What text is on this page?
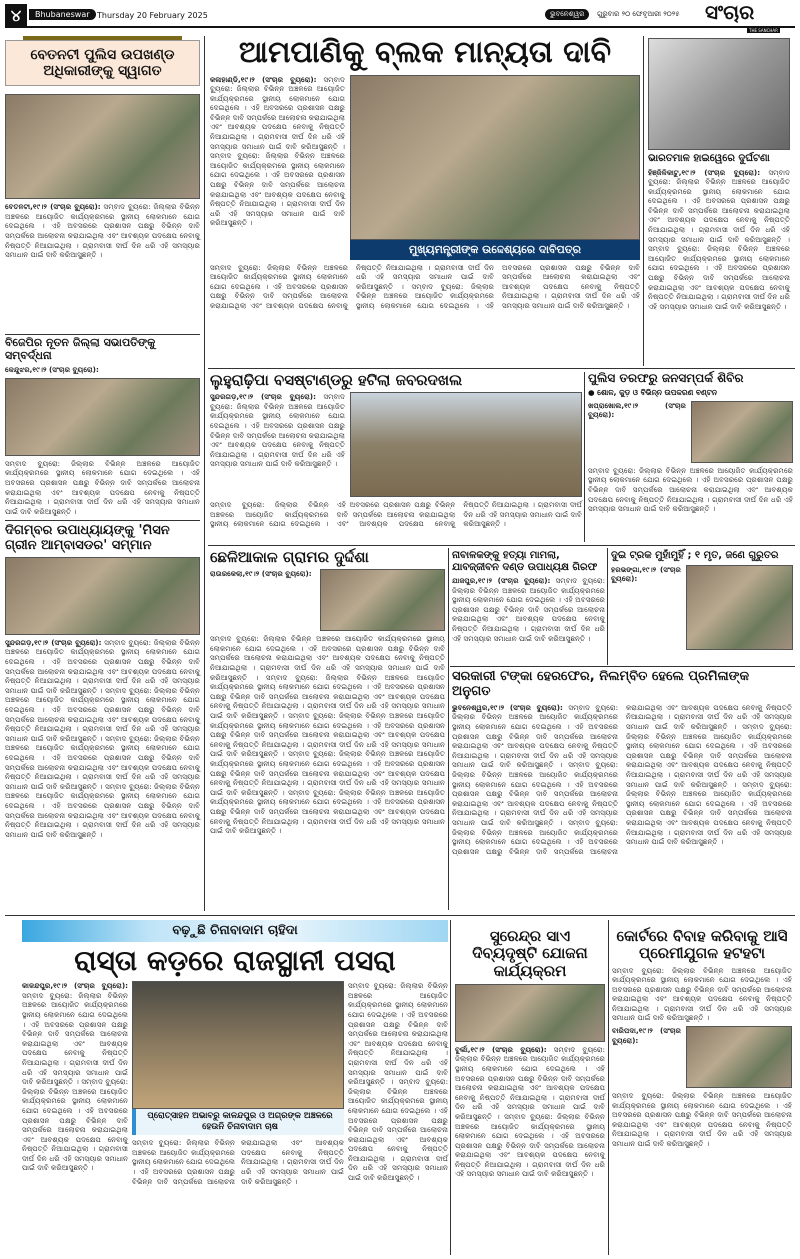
୪	Bhubaneswar Thursday 20 February 2025	ଭୁବନେଶ୍ୱର	ଗୁରୁବାର ୨୦ ଫେବୃଆରୀ ୨୦୨୫ ସଂଚାର
THE SANCHAR
ବେତନଟୀ ପୁଲିସ ଉପଖଣ୍ଡ ଅଧିକାରୀଙ୍କୁ ସ୍ୱାଗତ
ବେତନଟୀ,୧୯।୨ (ସଂଚାର ବ୍ୟୁରୋ): ସମ୍ବାଦ ବ୍ୟୁରୋ: ଜିଲ୍ଲାର ବିଭିନ୍ନ ଅଞ୍ଚଳରେ ଆୟୋଜିତ କାର୍ଯ୍ୟକ୍ରମରେ ସ୍ଥାନୀୟ ଲୋକମାନେ ଯୋଗ ଦେଇଥିଲେ । ଏହି ଅବସରରେ ପ୍ରଶାସନ ପକ୍ଷରୁ ବିଭିନ୍ନ ଦାବି ସମ୍ପର୍କରେ ଆଲୋଚନା କରାଯାଇଥିଲା ଏବଂ ଆବଶ୍ୟକ ପଦକ୍ଷେପ ନେବାକୁ ନିଷ୍ପତ୍ତି ନିଆଯାଇଥିଲା । ଗ୍ରାମବାସୀ ଦୀର୍ଘ ଦିନ ଧରି ଏହି ସମସ୍ୟାର ସମାଧାନ ପାଇଁ ଦାବି କରିଆସୁଛନ୍ତି ।
ବିଜେପିର ନୂତନ ଜିଲ୍ଲା ସଭାପତିଙ୍କୁ ସମ୍ବର୍ଦ୍ଧନା
କେନ୍ଦୁଝର,୧୯।୨ (ସଂଚାର ବ୍ୟୁରୋ):
ସମ୍ବାଦ ବ୍ୟୁରୋ: ଜିଲ୍ଲାର ବିଭିନ୍ନ ଅଞ୍ଚଳରେ ଆୟୋଜିତ କାର୍ଯ୍ୟକ୍ରମରେ ସ୍ଥାନୀୟ ଲୋକମାନେ ଯୋଗ ଦେଇଥିଲେ । ଏହି ଅବସରରେ ପ୍ରଶାସନ ପକ୍ଷରୁ ବିଭିନ୍ନ ଦାବି ସମ୍ପର୍କରେ ଆଲୋଚନା କରାଯାଇଥିଲା ଏବଂ ଆବଶ୍ୟକ ପଦକ୍ଷେପ ନେବାକୁ ନିଷ୍ପତ୍ତି ନିଆଯାଇଥିଲା । ଗ୍ରାମବାସୀ ଦୀର୍ଘ ଦିନ ଧରି ଏହି ସମସ୍ୟାର ସମାଧାନ ପାଇଁ ଦାବି କରିଆସୁଛନ୍ତି ।
ଦିଗମ୍ବର ଉପାଧ୍ୟାୟଙ୍କୁ 'ମିସନ ଗ୍ରୀନ ଆମ୍ବାସଡର' ସମ୍ମାନ
ସୁନ୍ଦରଗଡ଼,୧୯।୨ (ସଂଚାର ବ୍ୟୁରୋ): ସମ୍ବାଦ ବ୍ୟୁରୋ: ଜିଲ୍ଲାର ବିଭିନ୍ନ ଅଞ୍ଚଳରେ ଆୟୋଜିତ କାର୍ଯ୍ୟକ୍ରମରେ ସ୍ଥାନୀୟ ଲୋକମାନେ ଯୋଗ ଦେଇଥିଲେ । ଏହି ଅବସରରେ ପ୍ରଶାସନ ପକ୍ଷରୁ ବିଭିନ୍ନ ଦାବି ସମ୍ପର୍କରେ ଆଲୋଚନା କରାଯାଇଥିଲା ଏବଂ ଆବଶ୍ୟକ ପଦକ୍ଷେପ ନେବାକୁ ନିଷ୍ପତ୍ତି ନିଆଯାଇଥିଲା । ଗ୍ରାମବାସୀ ଦୀର୍ଘ ଦିନ ଧରି ଏହି ସମସ୍ୟାର ସମାଧାନ ପାଇଁ ଦାବି କରିଆସୁଛନ୍ତି । ସମ୍ବାଦ ବ୍ୟୁରୋ: ଜିଲ୍ଲାର ବିଭିନ୍ନ ଅଞ୍ଚଳରେ ଆୟୋଜିତ କାର୍ଯ୍ୟକ୍ରମରେ ସ୍ଥାନୀୟ ଲୋକମାନେ ଯୋଗ ଦେଇଥିଲେ । ଏହି ଅବସରରେ ପ୍ରଶାସନ ପକ୍ଷରୁ ବିଭିନ୍ନ ଦାବି ସମ୍ପର୍କରେ ଆଲୋଚନା କରାଯାଇଥିଲା ଏବଂ ଆବଶ୍ୟକ ପଦକ୍ଷେପ ନେବାକୁ ନିଷ୍ପତ୍ତି ନିଆଯାଇଥିଲା । ଗ୍ରାମବାସୀ ଦୀର୍ଘ ଦିନ ଧରି ଏହି ସମସ୍ୟାର ସମାଧାନ ପାଇଁ ଦାବି କରିଆସୁଛନ୍ତି । ସମ୍ବାଦ ବ୍ୟୁରୋ: ଜିଲ୍ଲାର ବିଭିନ୍ନ ଅଞ୍ଚଳରେ ଆୟୋଜିତ କାର୍ଯ୍ୟକ୍ରମରେ ସ୍ଥାନୀୟ ଲୋକମାନେ ଯୋଗ ଦେଇଥିଲେ । ଏହି ଅବସରରେ ପ୍ରଶାସନ ପକ୍ଷରୁ ବିଭିନ୍ନ ଦାବି ସମ୍ପର୍କରେ ଆଲୋଚନା କରାଯାଇଥିଲା ଏବଂ ଆବଶ୍ୟକ ପଦକ୍ଷେପ ନେବାକୁ ନିଷ୍ପତ୍ତି ନିଆଯାଇଥିଲା । ଗ୍ରାମବାସୀ ଦୀର୍ଘ ଦିନ ଧରି ଏହି ସମସ୍ୟାର ସମାଧାନ ପାଇଁ ଦାବି କରିଆସୁଛନ୍ତି । ସମ୍ବାଦ ବ୍ୟୁରୋ: ଜିଲ୍ଲାର ବିଭିନ୍ନ ଅଞ୍ଚଳରେ ଆୟୋଜିତ କାର୍ଯ୍ୟକ୍ରମରେ ସ୍ଥାନୀୟ ଲୋକମାନେ ଯୋଗ ଦେଇଥିଲେ । ଏହି ଅବସରରେ ପ୍ରଶାସନ ପକ୍ଷରୁ ବିଭିନ୍ନ ଦାବି ସମ୍ପର୍କରେ ଆଲୋଚନା କରାଯାଇଥିଲା ଏବଂ ଆବଶ୍ୟକ ପଦକ୍ଷେପ ନେବାକୁ ନିଷ୍ପତ୍ତି ନିଆଯାଇଥିଲା । ଗ୍ରାମବାସୀ ଦୀର୍ଘ ଦିନ ଧରି ଏହି ସମସ୍ୟାର ସମାଧାନ ପାଇଁ ଦାବି କରିଆସୁଛନ୍ତି ।
ଆମପାଣିକୁ ବ୍ଲକ ମାନ୍ୟତା ଦାବି
କଳାହାଣ୍ଡି,୧୯।୨ (ସଂଚାର ବ୍ୟୁରୋ): ସମ୍ବାଦ ବ୍ୟୁରୋ: ଜିଲ୍ଲାର ବିଭିନ୍ନ ଅଞ୍ଚଳରେ ଆୟୋଜିତ କାର୍ଯ୍ୟକ୍ରମରେ ସ୍ଥାନୀୟ ଲୋକମାନେ ଯୋଗ ଦେଇଥିଲେ । ଏହି ଅବସରରେ ପ୍ରଶାସନ ପକ୍ଷରୁ ବିଭିନ୍ନ ଦାବି ସମ୍ପର୍କରେ ଆଲୋଚନା କରାଯାଇଥିଲା ଏବଂ ଆବଶ୍ୟକ ପଦକ୍ଷେପ ନେବାକୁ ନିଷ୍ପତ୍ତି ନିଆଯାଇଥିଲା । ଗ୍ରାମବାସୀ ଦୀର୍ଘ ଦିନ ଧରି ଏହି ସମସ୍ୟାର ସମାଧାନ ପାଇଁ ଦାବି କରିଆସୁଛନ୍ତି । ସମ୍ବାଦ ବ୍ୟୁରୋ: ଜିଲ୍ଲାର ବିଭିନ୍ନ ଅଞ୍ଚଳରେ ଆୟୋଜିତ କାର୍ଯ୍ୟକ୍ରମରେ ସ୍ଥାନୀୟ ଲୋକମାନେ ଯୋଗ ଦେଇଥିଲେ । ଏହି ଅବସରରେ ପ୍ରଶାସନ ପକ୍ଷରୁ ବିଭିନ୍ନ ଦାବି ସମ୍ପର୍କରେ ଆଲୋଚନା କରାଯାଇଥିଲା ଏବଂ ଆବଶ୍ୟକ ପଦକ୍ଷେପ ନେବାକୁ ନିଷ୍ପତ୍ତି ନିଆଯାଇଥିଲା । ଗ୍ରାମବାସୀ ଦୀର୍ଘ ଦିନ ଧରି ଏହି ସମସ୍ୟାର ସମାଧାନ ପାଇଁ ଦାବି କରିଆସୁଛନ୍ତି ।
ମୁଖ୍ୟମନ୍ତ୍ରୀଙ୍କ ଉଦ୍ଦେଶ୍ୟରେ ଦାବିପତ୍ର
ସମ୍ବାଦ ବ୍ୟୁରୋ: ଜିଲ୍ଲାର ବିଭିନ୍ନ ଅଞ୍ଚଳରେ ଆୟୋଜିତ କାର୍ଯ୍ୟକ୍ରମରେ ସ୍ଥାନୀୟ ଲୋକମାନେ ଯୋଗ ଦେଇଥିଲେ । ଏହି ଅବସରରେ ପ୍ରଶାସନ ପକ୍ଷରୁ ବିଭିନ୍ନ ଦାବି ସମ୍ପର୍କରେ ଆଲୋଚନା କରାଯାଇଥିଲା ଏବଂ ଆବଶ୍ୟକ ପଦକ୍ଷେପ ନେବାକୁ ନିଷ୍ପତ୍ତି ନିଆଯାଇଥିଲା । ଗ୍ରାମବାସୀ ଦୀର୍ଘ ଦିନ ଧରି ଏହି ସମସ୍ୟାର ସମାଧାନ ପାଇଁ ଦାବି କରିଆସୁଛନ୍ତି । ସମ୍ବାଦ ବ୍ୟୁରୋ: ଜିଲ୍ଲାର ବିଭିନ୍ନ ଅଞ୍ଚଳରେ ଆୟୋଜିତ କାର୍ଯ୍ୟକ୍ରମରେ ସ୍ଥାନୀୟ ଲୋକମାନେ ଯୋଗ ଦେଇଥିଲେ । ଏହି ଅବସରରେ ପ୍ରଶାସନ ପକ୍ଷରୁ ବିଭିନ୍ନ ଦାବି ସମ୍ପର୍କରେ ଆଲୋଚନା କରାଯାଇଥିଲା ଏବଂ ଆବଶ୍ୟକ ପଦକ୍ଷେପ ନେବାକୁ ନିଷ୍ପତ୍ତି ନିଆଯାଇଥିଲା । ଗ୍ରାମବାସୀ ଦୀର୍ଘ ଦିନ ଧରି ଏହି ସମସ୍ୟାର ସମାଧାନ ପାଇଁ ଦାବି କରିଆସୁଛନ୍ତି ।
ଭାରତମାଳ ହାଇୱେରେ ଦୁର୍ଘଟଣା
ହିଞ୍ଜିଳିକାଟୁ,୧୯।୨ (ସଂଚାର ବ୍ୟୁରୋ): ସମ୍ବାଦ ବ୍ୟୁରୋ: ଜିଲ୍ଲାର ବିଭିନ୍ନ ଅଞ୍ଚଳରେ ଆୟୋଜିତ କାର୍ଯ୍ୟକ୍ରମରେ ସ୍ଥାନୀୟ ଲୋକମାନେ ଯୋଗ ଦେଇଥିଲେ । ଏହି ଅବସରରେ ପ୍ରଶାସନ ପକ୍ଷରୁ ବିଭିନ୍ନ ଦାବି ସମ୍ପର୍କରେ ଆଲୋଚନା କରାଯାଇଥିଲା ଏବଂ ଆବଶ୍ୟକ ପଦକ୍ଷେପ ନେବାକୁ ନିଷ୍ପତ୍ତି ନିଆଯାଇଥିଲା । ଗ୍ରାମବାସୀ ଦୀର୍ଘ ଦିନ ଧରି ଏହି ସମସ୍ୟାର ସମାଧାନ ପାଇଁ ଦାବି କରିଆସୁଛନ୍ତି । ସମ୍ବାଦ ବ୍ୟୁରୋ: ଜିଲ୍ଲାର ବିଭିନ୍ନ ଅଞ୍ଚଳରେ ଆୟୋଜିତ କାର୍ଯ୍ୟକ୍ରମରେ ସ୍ଥାନୀୟ ଲୋକମାନେ ଯୋଗ ଦେଇଥିଲେ । ଏହି ଅବସରରେ ପ୍ରଶାସନ ପକ୍ଷରୁ ବିଭିନ୍ନ ଦାବି ସମ୍ପର୍କରେ ଆଲୋଚନା କରାଯାଇଥିଲା ଏବଂ ଆବଶ୍ୟକ ପଦକ୍ଷେପ ନେବାକୁ ନିଷ୍ପତ୍ତି ନିଆଯାଇଥିଲା । ଗ୍ରାମବାସୀ ଦୀର୍ଘ ଦିନ ଧରି ଏହି ସମସ୍ୟାର ସମାଧାନ ପାଇଁ ଦାବି କରିଆସୁଛନ୍ତି ।
ଲୁହୁରାଢ଼ିପା ବସଷ୍ଟାଣ୍ଡରୁ ହଟିଲା ଜବରଦଖଲ
ସୁନ୍ଦରଗଡ଼,୧୯।୨ (ସଂଚାର ବ୍ୟୁରୋ): ସମ୍ବାଦ ବ୍ୟୁରୋ: ଜିଲ୍ଲାର ବିଭିନ୍ନ ଅଞ୍ଚଳରେ ଆୟୋଜିତ କାର୍ଯ୍ୟକ୍ରମରେ ସ୍ଥାନୀୟ ଲୋକମାନେ ଯୋଗ ଦେଇଥିଲେ । ଏହି ଅବସରରେ ପ୍ରଶାସନ ପକ୍ଷରୁ ବିଭିନ୍ନ ଦାବି ସମ୍ପର୍କରେ ଆଲୋଚନା କରାଯାଇଥିଲା ଏବଂ ଆବଶ୍ୟକ ପଦକ୍ଷେପ ନେବାକୁ ନିଷ୍ପତ୍ତି ନିଆଯାଇଥିଲା । ଗ୍ରାମବାସୀ ଦୀର୍ଘ ଦିନ ଧରି ଏହି ସମସ୍ୟାର ସମାଧାନ ପାଇଁ ଦାବି କରିଆସୁଛନ୍ତି ।
ସମ୍ବାଦ ବ୍ୟୁରୋ: ଜିଲ୍ଲାର ବିଭିନ୍ନ ଅଞ୍ଚଳରେ ଆୟୋଜିତ କାର୍ଯ୍ୟକ୍ରମରେ ସ୍ଥାନୀୟ ଲୋକମାନେ ଯୋଗ ଦେଇଥିଲେ । ଏହି ଅବସରରେ ପ୍ରଶାସନ ପକ୍ଷରୁ ବିଭିନ୍ନ ଦାବି ସମ୍ପର୍କରେ ଆଲୋଚନା କରାଯାଇଥିଲା ଏବଂ ଆବଶ୍ୟକ ପଦକ୍ଷେପ ନେବାକୁ ନିଷ୍ପତ୍ତି ନିଆଯାଇଥିଲା । ଗ୍ରାମବାସୀ ଦୀର୍ଘ ଦିନ ଧରି ଏହି ସମସ୍ୟାର ସମାଧାନ ପାଇଁ ଦାବି କରିଆସୁଛନ୍ତି ।
ପୁଲିସ ତରଫରୁ ଜନସମ୍ପର୍କ ଶିବିର
● ଶୋଳ, କୁଡ଼ ଓ ବିଭିନ୍ନ ଉପକରଣ ବଣ୍ଟନ
ଖପ୍ରାଖୋଲ,୧୯।୨ (ସଂଚାର ବ୍ୟୁରୋ):
ସମ୍ବାଦ ବ୍ୟୁରୋ: ଜିଲ୍ଲାର ବିଭିନ୍ନ ଅଞ୍ଚଳରେ ଆୟୋଜିତ କାର୍ଯ୍ୟକ୍ରମରେ ସ୍ଥାନୀୟ ଲୋକମାନେ ଯୋଗ ଦେଇଥିଲେ । ଏହି ଅବସରରେ ପ୍ରଶାସନ ପକ୍ଷରୁ ବିଭିନ୍ନ ଦାବି ସମ୍ପର୍କରେ ଆଲୋଚନା କରାଯାଇଥିଲା ଏବଂ ଆବଶ୍ୟକ ପଦକ୍ଷେପ ନେବାକୁ ନିଷ୍ପତ୍ତି ନିଆଯାଇଥିଲା । ଗ୍ରାମବାସୀ ଦୀର୍ଘ ଦିନ ଧରି ଏହି ସମସ୍ୟାର ସମାଧାନ ପାଇଁ ଦାବି କରିଆସୁଛନ୍ତି ।
ଛେଳିଆକାଳ ଗ୍ରାମର ଦୁର୍ଦ୍ଦଶା
ରାଉରକେଲା,୧୯।୨ (ସଂଚାର ବ୍ୟୁରୋ):
ସମ୍ବାଦ ବ୍ୟୁରୋ: ଜିଲ୍ଲାର ବିଭିନ୍ନ ଅଞ୍ଚଳରେ ଆୟୋଜିତ କାର୍ଯ୍ୟକ୍ରମରେ ସ୍ଥାନୀୟ ଲୋକମାନେ ଯୋଗ ଦେଇଥିଲେ । ଏହି ଅବସରରେ ପ୍ରଶାସନ ପକ୍ଷରୁ ବିଭିନ୍ନ ଦାବି ସମ୍ପର୍କରେ ଆଲୋଚନା କରାଯାଇଥିଲା ଏବଂ ଆବଶ୍ୟକ ପଦକ୍ଷେପ ନେବାକୁ ନିଷ୍ପତ୍ତି ନିଆଯାଇଥିଲା । ଗ୍ରାମବାସୀ ଦୀର୍ଘ ଦିନ ଧରି ଏହି ସମସ୍ୟାର ସମାଧାନ ପାଇଁ ଦାବି କରିଆସୁଛନ୍ତି । ସମ୍ବାଦ ବ୍ୟୁରୋ: ଜିଲ୍ଲାର ବିଭିନ୍ନ ଅଞ୍ଚଳରେ ଆୟୋଜିତ କାର୍ଯ୍ୟକ୍ରମରେ ସ୍ଥାନୀୟ ଲୋକମାନେ ଯୋଗ ଦେଇଥିଲେ । ଏହି ଅବସରରେ ପ୍ରଶାସନ ପକ୍ଷରୁ ବିଭିନ୍ନ ଦାବି ସମ୍ପର୍କରେ ଆଲୋଚନା କରାଯାଇଥିଲା ଏବଂ ଆବଶ୍ୟକ ପଦକ୍ଷେପ ନେବାକୁ ନିଷ୍ପତ୍ତି ନିଆଯାଇଥିଲା । ଗ୍ରାମବାସୀ ଦୀର୍ଘ ଦିନ ଧରି ଏହି ସମସ୍ୟାର ସମାଧାନ ପାଇଁ ଦାବି କରିଆସୁଛନ୍ତି । ସମ୍ବାଦ ବ୍ୟୁରୋ: ଜିଲ୍ଲାର ବିଭିନ୍ନ ଅଞ୍ଚଳରେ ଆୟୋଜିତ କାର୍ଯ୍ୟକ୍ରମରେ ସ୍ଥାନୀୟ ଲୋକମାନେ ଯୋଗ ଦେଇଥିଲେ । ଏହି ଅବସରରେ ପ୍ରଶାସନ ପକ୍ଷରୁ ବିଭିନ୍ନ ଦାବି ସମ୍ପର୍କରେ ଆଲୋଚନା କରାଯାଇଥିଲା ଏବଂ ଆବଶ୍ୟକ ପଦକ୍ଷେପ ନେବାକୁ ନିଷ୍ପତ୍ତି ନିଆଯାଇଥିଲା । ଗ୍ରାମବାସୀ ଦୀର୍ଘ ଦିନ ଧରି ଏହି ସମସ୍ୟାର ସମାଧାନ ପାଇଁ ଦାବି କରିଆସୁଛନ୍ତି । ସମ୍ବାଦ ବ୍ୟୁରୋ: ଜିଲ୍ଲାର ବିଭିନ୍ନ ଅଞ୍ଚଳରେ ଆୟୋଜିତ କାର୍ଯ୍ୟକ୍ରମରେ ସ୍ଥାନୀୟ ଲୋକମାନେ ଯୋଗ ଦେଇଥିଲେ । ଏହି ଅବସରରେ ପ୍ରଶାସନ ପକ୍ଷରୁ ବିଭିନ୍ନ ଦାବି ସମ୍ପର୍କରେ ଆଲୋଚନା କରାଯାଇଥିଲା ଏବଂ ଆବଶ୍ୟକ ପଦକ୍ଷେପ ନେବାକୁ ନିଷ୍ପତ୍ତି ନିଆଯାଇଥିଲା । ଗ୍ରାମବାସୀ ଦୀର୍ଘ ଦିନ ଧରି ଏହି ସମସ୍ୟାର ସମାଧାନ ପାଇଁ ଦାବି କରିଆସୁଛନ୍ତି । ସମ୍ବାଦ ବ୍ୟୁରୋ: ଜିଲ୍ଲାର ବିଭିନ୍ନ ଅଞ୍ଚଳରେ ଆୟୋଜିତ କାର୍ଯ୍ୟକ୍ରମରେ ସ୍ଥାନୀୟ ଲୋକମାନେ ଯୋଗ ଦେଇଥିଲେ । ଏହି ଅବସରରେ ପ୍ରଶାସନ ପକ୍ଷରୁ ବିଭିନ୍ନ ଦାବି ସମ୍ପର୍କରେ ଆଲୋଚନା କରାଯାଇଥିଲା ଏବଂ ଆବଶ୍ୟକ ପଦକ୍ଷେପ ନେବାକୁ ନିଷ୍ପତ୍ତି ନିଆଯାଇଥିଲା । ଗ୍ରାମବାସୀ ଦୀର୍ଘ ଦିନ ଧରି ଏହି ସମସ୍ୟାର ସମାଧାନ ପାଇଁ ଦାବି କରିଆସୁଛନ୍ତି ।
ନାବାଳକଙ୍କୁ ହତ୍ୟା ମାମଲା, ଯାବଜ୍ଜୀବନ ଦଣ୍ଡ ଉପାଧ୍ୟକ୍ଷ ଗିରଫ
ଯାଜପୁର,୧୯।୨ (ସଂଚାର ବ୍ୟୁରୋ): ସମ୍ବାଦ ବ୍ୟୁରୋ: ଜିଲ୍ଲାର ବିଭିନ୍ନ ଅଞ୍ଚଳରେ ଆୟୋଜିତ କାର୍ଯ୍ୟକ୍ରମରେ ସ୍ଥାନୀୟ ଲୋକମାନେ ଯୋଗ ଦେଇଥିଲେ । ଏହି ଅବସରରେ ପ୍ରଶାସନ ପକ୍ଷରୁ ବିଭିନ୍ନ ଦାବି ସମ୍ପର୍କରେ ଆଲୋଚନା କରାଯାଇଥିଲା ଏବଂ ଆବଶ୍ୟକ ପଦକ୍ଷେପ ନେବାକୁ ନିଷ୍ପତ୍ତି ନିଆଯାଇଥିଲା । ଗ୍ରାମବାସୀ ଦୀର୍ଘ ଦିନ ଧରି ଏହି ସମସ୍ୟାର ସମାଧାନ ପାଇଁ ଦାବି କରିଆସୁଛନ୍ତି ।
ଦୁଇ ଟ୍ରକ ମୁହାଁମୁହିଁ ; ୧ ମୃତ, ଜଣେ ଗୁରୁତର
ହରଭଙ୍ଗା,୧୯।୨ (ସଂଚାର ବ୍ୟୁରୋ):
ସରକାରୀ ଟଙ୍କା ହେରଫେର, ନିଲମ୍ବିତ ହେଲେ ପ୍ରମିଳାଙ୍କ ଅନୁଗତ
ଭୁବନେଶ୍ୱର,୧୯।୨ (ସଂଚାର ବ୍ୟୁରୋ): ସମ୍ବାଦ ବ୍ୟୁରୋ: ଜିଲ୍ଲାର ବିଭିନ୍ନ ଅଞ୍ଚଳରେ ଆୟୋଜିତ କାର୍ଯ୍ୟକ୍ରମରେ ସ୍ଥାନୀୟ ଲୋକମାନେ ଯୋଗ ଦେଇଥିଲେ । ଏହି ଅବସରରେ ପ୍ରଶାସନ ପକ୍ଷରୁ ବିଭିନ୍ନ ଦାବି ସମ୍ପର୍କରେ ଆଲୋଚନା କରାଯାଇଥିଲା ଏବଂ ଆବଶ୍ୟକ ପଦକ୍ଷେପ ନେବାକୁ ନିଷ୍ପତ୍ତି ନିଆଯାଇଥିଲା । ଗ୍ରାମବାସୀ ଦୀର୍ଘ ଦିନ ଧରି ଏହି ସମସ୍ୟାର ସମାଧାନ ପାଇଁ ଦାବି କରିଆସୁଛନ୍ତି । ସମ୍ବାଦ ବ୍ୟୁରୋ: ଜିଲ୍ଲାର ବିଭିନ୍ନ ଅଞ୍ଚଳରେ ଆୟୋଜିତ କାର୍ଯ୍ୟକ୍ରମରେ ସ୍ଥାନୀୟ ଲୋକମାନେ ଯୋଗ ଦେଇଥିଲେ । ଏହି ଅବସରରେ ପ୍ରଶାସନ ପକ୍ଷରୁ ବିଭିନ୍ନ ଦାବି ସମ୍ପର୍କରେ ଆଲୋଚନା କରାଯାଇଥିଲା ଏବଂ ଆବଶ୍ୟକ ପଦକ୍ଷେପ ନେବାକୁ ନିଷ୍ପତ୍ତି ନିଆଯାଇଥିଲା । ଗ୍ରାମବାସୀ ଦୀର୍ଘ ଦିନ ଧରି ଏହି ସମସ୍ୟାର ସମାଧାନ ପାଇଁ ଦାବି କରିଆସୁଛନ୍ତି । ସମ୍ବାଦ ବ୍ୟୁରୋ: ଜିଲ୍ଲାର ବିଭିନ୍ନ ଅଞ୍ଚଳରେ ଆୟୋଜିତ କାର୍ଯ୍ୟକ୍ରମରେ ସ୍ଥାନୀୟ ଲୋକମାନେ ଯୋଗ ଦେଇଥିଲେ । ଏହି ଅବସରରେ ପ୍ରଶାସନ ପକ୍ଷରୁ ବିଭିନ୍ନ ଦାବି ସମ୍ପର୍କରେ ଆଲୋଚନା କରାଯାଇଥିଲା ଏବଂ ଆବଶ୍ୟକ ପଦକ୍ଷେପ ନେବାକୁ ନିଷ୍ପତ୍ତି ନିଆଯାଇଥିଲା । ଗ୍ରାମବାସୀ ଦୀର୍ଘ ଦିନ ଧରି ଏହି ସମସ୍ୟାର ସମାଧାନ ପାଇଁ ଦାବି କରିଆସୁଛନ୍ତି । ସମ୍ବାଦ ବ୍ୟୁରୋ: ଜିଲ୍ଲାର ବିଭିନ୍ନ ଅଞ୍ଚଳରେ ଆୟୋଜିତ କାର୍ଯ୍ୟକ୍ରମରେ ସ୍ଥାନୀୟ ଲୋକମାନେ ଯୋଗ ଦେଇଥିଲେ । ଏହି ଅବସରରେ ପ୍ରଶାସନ ପକ୍ଷରୁ ବିଭିନ୍ନ ଦାବି ସମ୍ପର୍କରେ ଆଲୋଚନା କରାଯାଇଥିଲା ଏବଂ ଆବଶ୍ୟକ ପଦକ୍ଷେପ ନେବାକୁ ନିଷ୍ପତ୍ତି ନିଆଯାଇଥିଲା । ଗ୍ରାମବାସୀ ଦୀର୍ଘ ଦିନ ଧରି ଏହି ସମସ୍ୟାର ସମାଧାନ ପାଇଁ ଦାବି କରିଆସୁଛନ୍ତି । ସମ୍ବାଦ ବ୍ୟୁରୋ: ଜିଲ୍ଲାର ବିଭିନ୍ନ ଅଞ୍ଚଳରେ ଆୟୋଜିତ କାର୍ଯ୍ୟକ୍ରମରେ ସ୍ଥାନୀୟ ଲୋକମାନେ ଯୋଗ ଦେଇଥିଲେ । ଏହି ଅବସରରେ ପ୍ରଶାସନ ପକ୍ଷରୁ ବିଭିନ୍ନ ଦାବି ସମ୍ପର୍କରେ ଆଲୋଚନା କରାଯାଇଥିଲା ଏବଂ ଆବଶ୍ୟକ ପଦକ୍ଷେପ ନେବାକୁ ନିଷ୍ପତ୍ତି ନିଆଯାଇଥିଲା । ଗ୍ରାମବାସୀ ଦୀର୍ଘ ଦିନ ଧରି ଏହି ସମସ୍ୟାର ସମାଧାନ ପାଇଁ ଦାବି କରିଆସୁଛନ୍ତି ।
ବଢ଼ୁଛି ଚିନାବାଦାମ ଚାହିଦା
ରାସ୍ତା କଡ଼ରେ ରାଜସ୍ଥାନୀ ପସରା
କାଳନ୍ଦପୁର,୧୯।୨ (ସଂଚାର ବ୍ୟୁରୋ): ସମ୍ବାଦ ବ୍ୟୁରୋ: ଜିଲ୍ଲାର ବିଭିନ୍ନ ଅଞ୍ଚଳରେ ଆୟୋଜିତ କାର୍ଯ୍ୟକ୍ରମରେ ସ୍ଥାନୀୟ ଲୋକମାନେ ଯୋଗ ଦେଇଥିଲେ । ଏହି ଅବସରରେ ପ୍ରଶାସନ ପକ୍ଷରୁ ବିଭିନ୍ନ ଦାବି ସମ୍ପର୍କରେ ଆଲୋଚନା କରାଯାଇଥିଲା ଏବଂ ଆବଶ୍ୟକ ପଦକ୍ଷେପ ନେବାକୁ ନିଷ୍ପତ୍ତି ନିଆଯାଇଥିଲା । ଗ୍ରାମବାସୀ ଦୀର୍ଘ ଦିନ ଧରି ଏହି ସମସ୍ୟାର ସମାଧାନ ପାଇଁ ଦାବି କରିଆସୁଛନ୍ତି । ସମ୍ବାଦ ବ୍ୟୁରୋ: ଜିଲ୍ଲାର ବିଭିନ୍ନ ଅଞ୍ଚଳରେ ଆୟୋଜିତ କାର୍ଯ୍ୟକ୍ରମରେ ସ୍ଥାନୀୟ ଲୋକମାନେ ଯୋଗ ଦେଇଥିଲେ । ଏହି ଅବସରରେ ପ୍ରଶାସନ ପକ୍ଷରୁ ବିଭିନ୍ନ ଦାବି ସମ୍ପର୍କରେ ଆଲୋଚନା କରାଯାଇଥିଲା ଏବଂ ଆବଶ୍ୟକ ପଦକ୍ଷେପ ନେବାକୁ ନିଷ୍ପତ୍ତି ନିଆଯାଇଥିଲା । ଗ୍ରାମବାସୀ ଦୀର୍ଘ ଦିନ ଧରି ଏହି ସମସ୍ୟାର ସମାଧାନ ପାଇଁ ଦାବି କରିଆସୁଛନ୍ତି ।
ପ୍ରୋତ୍ସାହନ ଅଭାବରୁ କାଳନ୍ଦପୁର ଓ ଅଗ୍ରଙ୍କ ଅଞ୍ଚଳରେ ହେଉନି ଚିନାବାଦାମ ଚାଷ
ସମ୍ବାଦ ବ୍ୟୁରୋ: ଜିଲ୍ଲାର ବିଭିନ୍ନ ଅଞ୍ଚଳରେ ଆୟୋଜିତ କାର୍ଯ୍ୟକ୍ରମରେ ସ୍ଥାନୀୟ ଲୋକମାନେ ଯୋଗ ଦେଇଥିଲେ । ଏହି ଅବସରରେ ପ୍ରଶାସନ ପକ୍ଷରୁ ବିଭିନ୍ନ ଦାବି ସମ୍ପର୍କରେ ଆଲୋଚନା କରାଯାଇଥିଲା ଏବଂ ଆବଶ୍ୟକ ପଦକ୍ଷେପ ନେବାକୁ ନିଷ୍ପତ୍ତି ନିଆଯାଇଥିଲା । ଗ୍ରାମବାସୀ ଦୀର୍ଘ ଦିନ ଧରି ଏହି ସମସ୍ୟାର ସମାଧାନ ପାଇଁ ଦାବି କରିଆସୁଛନ୍ତି ।
ସମ୍ବାଦ ବ୍ୟୁରୋ: ଜିଲ୍ଲାର ବିଭିନ୍ନ ଅଞ୍ଚଳରେ ଆୟୋଜିତ କାର୍ଯ୍ୟକ୍ରମରେ ସ୍ଥାନୀୟ ଲୋକମାନେ ଯୋଗ ଦେଇଥିଲେ । ଏହି ଅବସରରେ ପ୍ରଶାସନ ପକ୍ଷରୁ ବିଭିନ୍ନ ଦାବି ସମ୍ପର୍କରେ ଆଲୋଚନା କରାଯାଇଥିଲା ଏବଂ ଆବଶ୍ୟକ ପଦକ୍ଷେପ ନେବାକୁ ନିଷ୍ପତ୍ତି ନିଆଯାଇଥିଲା । ଗ୍ରାମବାସୀ ଦୀର୍ଘ ଦିନ ଧରି ଏହି ସମସ୍ୟାର ସମାଧାନ ପାଇଁ ଦାବି କରିଆସୁଛନ୍ତି । ସମ୍ବାଦ ବ୍ୟୁରୋ: ଜିଲ୍ଲାର ବିଭିନ୍ନ ଅଞ୍ଚଳରେ ଆୟୋଜିତ କାର୍ଯ୍ୟକ୍ରମରେ ସ୍ଥାନୀୟ ଲୋକମାନେ ଯୋଗ ଦେଇଥିଲେ । ଏହି ଅବସରରେ ପ୍ରଶାସନ ପକ୍ଷରୁ ବିଭିନ୍ନ ଦାବି ସମ୍ପର୍କରେ ଆଲୋଚନା କରାଯାଇଥିଲା ଏବଂ ଆବଶ୍ୟକ ପଦକ୍ଷେପ ନେବାକୁ ନିଷ୍ପତ୍ତି ନିଆଯାଇଥିଲା । ଗ୍ରାମବାସୀ ଦୀର୍ଘ ଦିନ ଧରି ଏହି ସମସ୍ୟାର ସମାଧାନ ପାଇଁ ଦାବି କରିଆସୁଛନ୍ତି ।
ସୁରେନ୍ଦ୍ର ସାଏ ଦିବ୍ୟଦୃଷ୍ଟି ଯୋଜନା କାର୍ଯ୍ୟକ୍ରମ
ବୁର୍ଲା,୧୯।୨ (ସଂଚାର ବ୍ୟୁରୋ): ସମ୍ବାଦ ବ୍ୟୁରୋ: ଜିଲ୍ଲାର ବିଭିନ୍ନ ଅଞ୍ଚଳରେ ଆୟୋଜିତ କାର୍ଯ୍ୟକ୍ରମରେ ସ୍ଥାନୀୟ ଲୋକମାନେ ଯୋଗ ଦେଇଥିଲେ । ଏହି ଅବସରରେ ପ୍ରଶାସନ ପକ୍ଷରୁ ବିଭିନ୍ନ ଦାବି ସମ୍ପର୍କରେ ଆଲୋଚନା କରାଯାଇଥିଲା ଏବଂ ଆବଶ୍ୟକ ପଦକ୍ଷେପ ନେବାକୁ ନିଷ୍ପତ୍ତି ନିଆଯାଇଥିଲା । ଗ୍ରାମବାସୀ ଦୀର୍ଘ ଦିନ ଧରି ଏହି ସମସ୍ୟାର ସମାଧାନ ପାଇଁ ଦାବି କରିଆସୁଛନ୍ତି । ସମ୍ବାଦ ବ୍ୟୁରୋ: ଜିଲ୍ଲାର ବିଭିନ୍ନ ଅଞ୍ଚଳରେ ଆୟୋଜିତ କାର୍ଯ୍ୟକ୍ରମରେ ସ୍ଥାନୀୟ ଲୋକମାନେ ଯୋଗ ଦେଇଥିଲେ । ଏହି ଅବସରରେ ପ୍ରଶାସନ ପକ୍ଷରୁ ବିଭିନ୍ନ ଦାବି ସମ୍ପର୍କରେ ଆଲୋଚନା କରାଯାଇଥିଲା ଏବଂ ଆବଶ୍ୟକ ପଦକ୍ଷେପ ନେବାକୁ ନିଷ୍ପତ୍ତି ନିଆଯାଇଥିଲା । ଗ୍ରାମବାସୀ ଦୀର୍ଘ ଦିନ ଧରି ଏହି ସମସ୍ୟାର ସମାଧାନ ପାଇଁ ଦାବି କରିଆସୁଛନ୍ତି ।
କୋର୍ଟରେ ବିବାହ କରିବାକୁ ଆସି ପ୍ରେମୀଯୁଗଳ ହଟହଟା
ସମ୍ବାଦ ବ୍ୟୁରୋ: ଜିଲ୍ଲାର ବିଭିନ୍ନ ଅଞ୍ଚଳରେ ଆୟୋଜିତ କାର୍ଯ୍ୟକ୍ରମରେ ସ୍ଥାନୀୟ ଲୋକମାନେ ଯୋଗ ଦେଇଥିଲେ । ଏହି ଅବସରରେ ପ୍ରଶାସନ ପକ୍ଷରୁ ବିଭିନ୍ନ ଦାବି ସମ୍ପର୍କରେ ଆଲୋଚନା କରାଯାଇଥିଲା ଏବଂ ଆବଶ୍ୟକ ପଦକ୍ଷେପ ନେବାକୁ ନିଷ୍ପତ୍ତି ନିଆଯାଇଥିଲା । ଗ୍ରାମବାସୀ ଦୀର୍ଘ ଦିନ ଧରି ଏହି ସମସ୍ୟାର ସମାଧାନ ପାଇଁ ଦାବି କରିଆସୁଛନ୍ତି ।
ବାରିପଦା,୧୯।୨ (ସଂଚାର ବ୍ୟୁରୋ):
ସମ୍ବାଦ ବ୍ୟୁରୋ: ଜିଲ୍ଲାର ବିଭିନ୍ନ ଅଞ୍ଚଳରେ ଆୟୋଜିତ କାର୍ଯ୍ୟକ୍ରମରେ ସ୍ଥାନୀୟ ଲୋକମାନେ ଯୋଗ ଦେଇଥିଲେ । ଏହି ଅବସରରେ ପ୍ରଶାସନ ପକ୍ଷରୁ ବିଭିନ୍ନ ଦାବି ସମ୍ପର୍କରେ ଆଲୋଚନା କରାଯାଇଥିଲା ଏବଂ ଆବଶ୍ୟକ ପଦକ୍ଷେପ ନେବାକୁ ନିଷ୍ପତ୍ତି ନିଆଯାଇଥିଲା । ଗ୍ରାମବାସୀ ଦୀର୍ଘ ଦିନ ଧରି ଏହି ସମସ୍ୟାର ସମାଧାନ ପାଇଁ ଦାବି କରିଆସୁଛନ୍ତି ।
